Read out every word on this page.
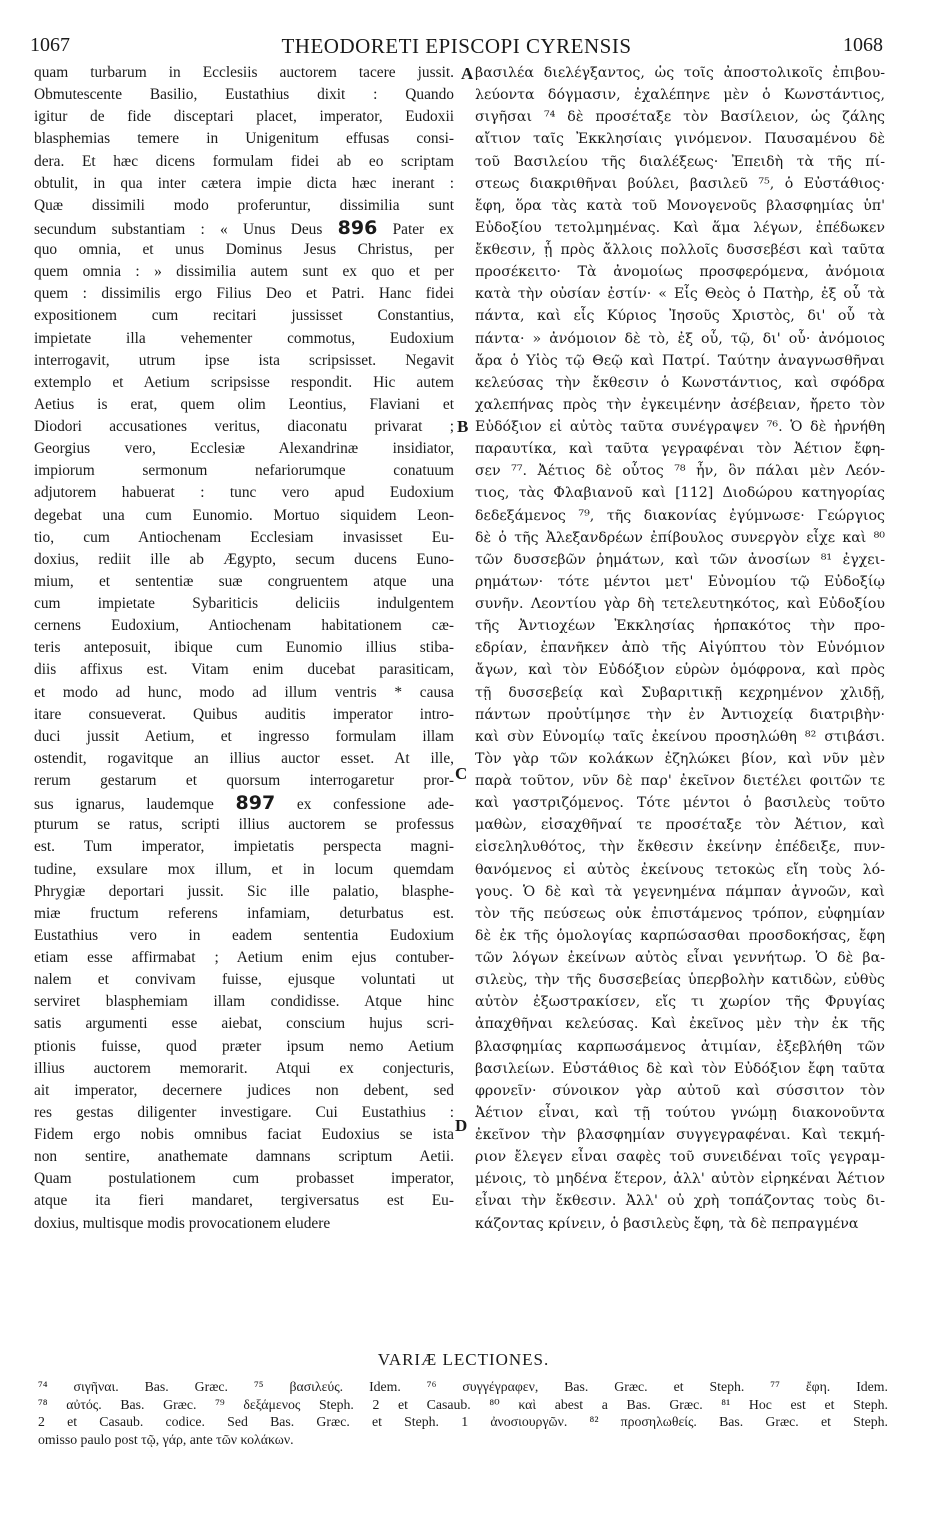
1067	THEODORETI EPISCOPI CYRENSIS	1068
quam turbarum in Ecclesiis auctorem tacere jussit.
Obmutescente Basilio, Eustathius dixit : Quando
igitur de fide disceptari placet, imperator, Eudoxii
blasphemias temere in Unigenitum effusas consi-
dera. Et hæc dicens formulam fidei ab eo scriptam
obtulit, in qua inter cætera impie dicta hæc inerant :
Quæ dissimili modo proferuntur, dissimilia sunt
secundum substantiam : « Unus Deus 896 Pater ex
quo omnia, et unus Dominus Jesus Christus, per
quem omnia : » dissimilia autem sunt ex quo et per
quem : dissimilis ergo Filius Deo et Patri. Hanc fidei
expositionem cum recitari jussisset Constantius,
impietate illa vehementer commotus, Eudoxium
interrogavit, utrum ipse ista scripsisset. Negavit
extemplo et Aetium scripsisse respondit. Hic autem
Aetius is erat, quem olim Leontius, Flaviani et
Diodori accusationes veritus, diaconatu privarat ;
Georgius vero, Ecclesiæ Alexandrinæ insidiator,
impiorum sermonum nefariorumque conatuum
adjutorem habuerat : tunc vero apud Eudoxium
degebat una cum Eunomio. Mortuo siquidem Leon-
tio, cum Antiochenam Ecclesiam invasisset Eu-
doxius, rediit ille ab Ægypto, secum ducens Euno-
mium, et sententiæ suæ congruentem atque una
cum impietate Sybariticis deliciis indulgentem
cernens Eudoxium, Antiochenam habitationem cæ-
teris anteposuit, ibique cum Eunomio illius stiba-
diis affixus est. Vitam enim ducebat parasiticam,
et modo ad hunc, modo ad illum ventris * causa
itare consueverat. Quibus auditis imperator intro-
duci jussit Aetium, et ingresso formulam illam
ostendit, rogavitque an illius auctor esset. At ille,
rerum gestarum et quorsum interrogaretur pror-
sus ignarus, laudemque 897 ex confessione ade-
pturum se ratus, scripti illius auctorem se professus
est. Tum imperator, impietatis perspecta magni-
tudine, exsulare mox illum, et in locum quemdam
Phrygiæ deportari jussit. Sic ille palatio, blasphe-
miæ fructum referens infamiam, deturbatus est.
Eustathius vero in eadem sententia Eudoxium
etiam esse affirmabat ; Aetium enim ejus contuber-
nalem et convivam fuisse, ejusque voluntati ut
serviret blasphemiam illam condidisse. Atque hinc
satis argumenti esse aiebat, conscium hujus scri-
ptionis fuisse, quod præter ipsum nemo Aetium
illius auctorem memorarit. Atqui ex conjecturis,
ait imperator, decernere judices non debent, sed
res gestas diligenter investigare. Cui Eustathius :
Fidem ergo nobis omnibus faciat Eudoxius se ista
non sentire, anathemate damnans scriptum Aetii.
Quam postulationem cum probasset imperator,
atque ita fieri mandaret, tergiversatus est Eu-
doxius, multisque modis provocationem eludere
βασιλέα διελέγξαντος, ὡς τοῖς ἀποστολικοῖς ἐπιβου-
λεύοντα δόγμασιν, ἐχαλέπηνε μὲν ὁ Κωνστάντιος,
σιγῆσαι ⁷⁴ δὲ προσέταξε τὸν Βασίλειον, ὡς ζάλης
αἴτιον ταῖς Ἐκκλησίαις γινόμενον. Παυσαμένου δὲ
τοῦ Βασιλείου τῆς διαλέξεως· Ἐπειδὴ τὰ τῆς πί-
στεως διακριθῆναι βούλει, βασιλεῦ ⁷⁵, ὁ Εὐστάθιος·
ἔφη, ὅρα τὰς κατὰ τοῦ Μονογενοῦς βλασφημίας ὑπ'
Εὐδοξίου τετολμημένας. Καὶ ἅμα λέγων, ἐπέδωκεν
ἔκθεσιν, ᾗ πρὸς ἄλλοις πολλοῖς δυσσεβέσι καὶ ταῦτα
προσέκειτο· Τὰ ἀνομοίως προσφερόμενα, ἀνόμοια
κατὰ τὴν οὐσίαν ἐστίν· « Εἷς Θεὸς ὁ Πατὴρ, ἐξ οὗ τὰ
πάντα, καὶ εἷς Κύριος Ἰησοῦς Χριστὸς, δι' οὗ τὰ
πάντα· » ἀνόμοιον δὲ τὸ, ἐξ οὗ, τῷ, δι' οὗ· ἀνόμοιος
ἄρα ὁ Υἱὸς τῷ Θεῷ καὶ Πατρί. Ταύτην ἀναγνωσθῆναι
κελεύσας τὴν ἔκθεσιν ὁ Κωνστάντιος, καὶ σφόδρα
χαλεπήνας πρὸς τὴν ἐγκειμένην ἀσέβειαν, ἤρετο τὸν
Εὐδόξιον εἰ αὐτὸς ταῦτα συνέγραψεν ⁷⁶. Ὁ δὲ ἠρνήθη
παραυτίκα, καὶ ταῦτα γεγραφέναι τὸν Ἀέτιον ἔφη-
σεν ⁷⁷. Ἀέτιος δὲ οὗτος ⁷⁸ ἦν, ὃν πάλαι μὲν Λεόν-
τιος, τὰς Φλαβιανοῦ καὶ [112] Διοδώρου κατηγορίας
δεδεξάμενος ⁷⁹, τῆς διακονίας ἐγύμνωσε· Γεώργιος
δὲ ὁ τῆς Ἀλεξανδρέων ἐπίβουλος συνεργὸν εἶχε καὶ ⁸⁰
τῶν δυσσεβῶν ῥημάτων, καὶ τῶν ἀνοσίων ⁸¹ ἐγχει-
ρημάτων· τότε μέντοι μετ' Εὐνομίου τῷ Εὐδοξίῳ
συνῆν. Λεοντίου γὰρ δὴ τετελευτηκότος, καὶ Εὐδοξίου
τῆς Ἀντιοχέων Ἐκκλησίας ἡρπακότος τὴν προ-
εδρίαν, ἐπανῆκεν ἀπὸ τῆς Αἰγύπτου τὸν Εὐνόμιον
ἄγων, καὶ τὸν Εὐδόξιον εὑρὼν ὁμόφρονα, καὶ πρὸς
τῇ δυσσεβείᾳ καὶ Συβαριτικῇ κεχρημένον χλιδῇ,
πάντων προὐτίμησε τὴν ἐν Ἀντιοχείᾳ διατριβὴν·
καὶ σὺν Εὐνομίῳ ταῖς ἐκείνου προσηλώθη ⁸² στιβάσι.
Τὸν γὰρ τῶν κολάκων ἐζηλώκει βίον, καὶ νῦν μὲν
παρὰ τοῦτον, νῦν δὲ παρ' ἐκεῖνον διετέλει φοιτῶν τε
καὶ γαστριζόμενος. Τότε μέντοι ὁ βασιλεὺς τοῦτο
μαθὼν, εἰσαχθῆναί τε προσέταξε τὸν Ἀέτιον, καὶ
εἰσεληλυθότος, τὴν ἔκθεσιν ἐκείνην ἐπέδειξε, πυν-
θανόμενος εἰ αὐτὸς ἐκείνους τετοκὼς εἴη τοὺς λό-
γους. Ὁ δὲ καὶ τὰ γεγενημένα πάμπαν ἀγνοῶν, καὶ
τὸν τῆς πεύσεως οὐκ ἐπιστάμενος τρόπον, εὐφημίαν
δὲ ἐκ τῆς ὁμολογίας καρπώσασθαι προσδοκήσας, ἔφη
τῶν λόγων ἐκείνων αὐτὸς εἶναι γεννήτωρ. Ὁ δὲ βα-
σιλεὺς, τὴν τῆς δυσσεβείας ὑπερβολὴν κατιδὼν, εὐθὺς
αὐτὸν ἐξωστρακίσεν, εἴς τι χωρίον τῆς Φρυγίας
ἀπαχθῆναι κελεύσας. Καὶ ἐκεῖνος μὲν τὴν ἐκ τῆς
βλασφημίας καρπωσάμενος ἀτιμίαν, ἐξεβλήθη τῶν
βασιλείων. Εὐστάθιος δὲ καὶ τὸν Εὐδόξιον ἔφη ταῦτα
φρονεῖν· σύνοικον γὰρ αὐτοῦ καὶ σύσσιτον τὸν
Ἀέτιον εἶναι, καὶ τῇ τούτου γνώμῃ διακονοῦντα
ἐκεῖνον τὴν βλασφημίαν συγγεγραφέναι. Καὶ τεκμή-
ριον ἔλεγεν εἶναι σαφὲς τοῦ συνειδέναι τοῖς γεγραμ-
μένοις, τὸ μηδένα ἕτερον, ἀλλ' αὐτὸν εἰρηκέναι Ἀέτιον
εἶναι τὴν ἔκθεσιν. Ἀλλ' οὐ χρὴ τοπάζοντας τοὺς δι-
κάζοντας κρίνειν, ὁ βασιλεὺς ἔφη, τὰ δὲ πεπραγμένα
A
B
C
D
VARIÆ LECTIONES.
⁷⁴ σιγῆναι. Bas. Græc. ⁷⁵ βασιλεύς. Idem. ⁷⁶ συγγέγραφεν, Bas. Græc. et Steph. ⁷⁷ ἔφη. Idem.
⁷⁸ αὐτός. Bas. Græc. ⁷⁹ δεξάμενος Steph. 2 et Casaub. ⁸⁰ καὶ abest a Bas. Græc. ⁸¹ Hoc est et Steph.
2 et Casaub. codice. Sed Bas. Græc. et Steph. 1 ἀνοσιουργῶν. ⁸² προσηλωθείς. Bas. Græc. et Steph.
omisso paulo post τῷ, γάρ, ante τῶν κολάκων.
